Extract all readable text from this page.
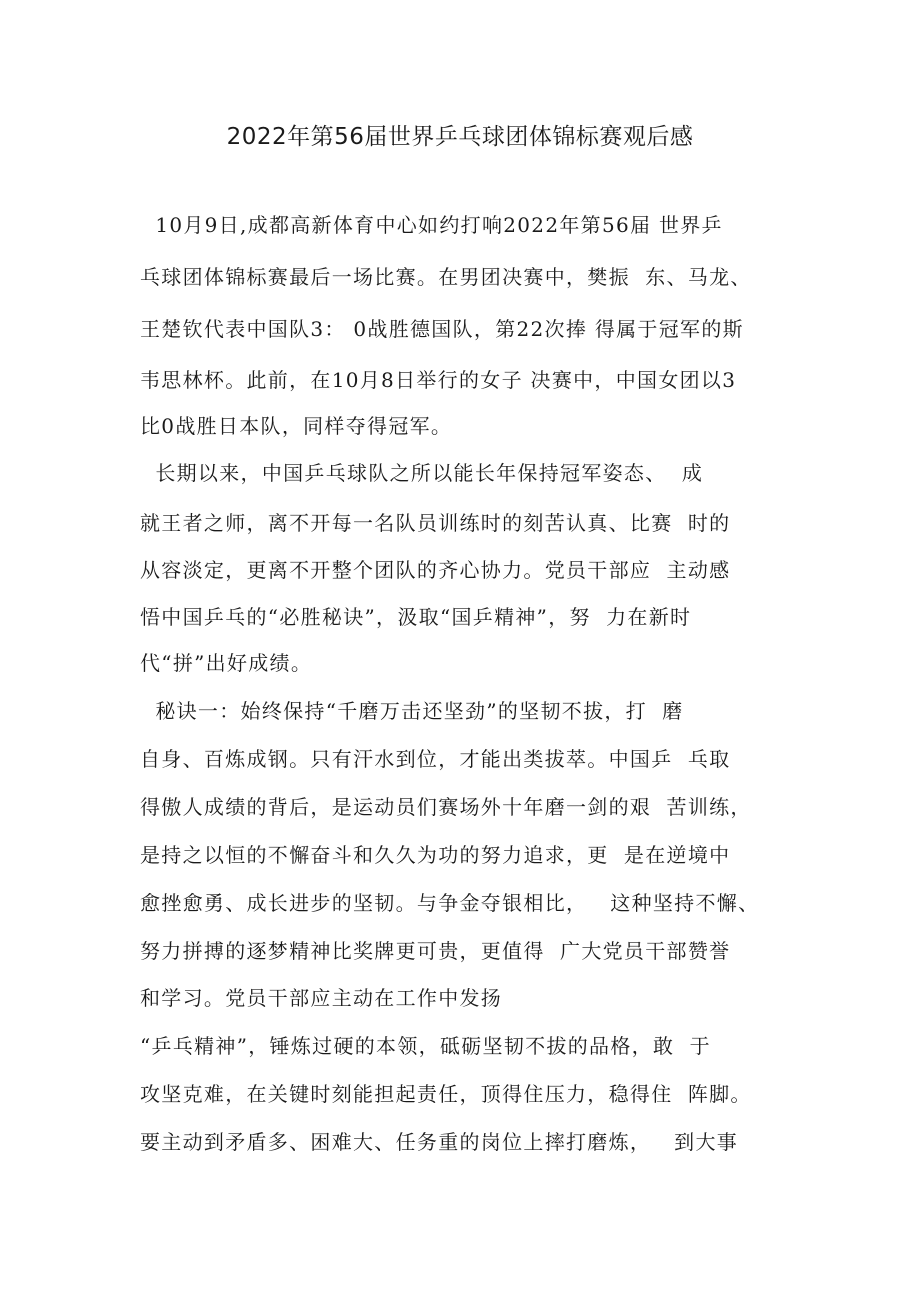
2022年第56届世界乒乓球团体锦标赛观后感
10月9日,成都高新体育中心如约打响2022年第56届 世界乒
乓球团体锦标赛最后一场比赛。在男团决赛中，樊振  东、马龙、
王楚钦代表中国队3： 0战胜德国队，第22次捧 得属于冠军的斯
韦思林杯。此前，在10月8日举行的女子 决赛中，中国女团以3
比0战胜日本队，同样夺得冠军。
长期以来，中国乒乓球队之所以能长年保持冠军姿态、  成
就王者之师，离不开每一名队员训练时的刻苦认真、比赛  时的
从容淡定，更离不开整个团队的齐心协力。党员干部应  主动感
悟中国乒乓的“必胜秘诀”，汲取“国乒精神”，努  力在新时
代“拼”出好成绩。
秘诀一：始终保持“千磨万击还坚劲”的坚韧不拔，打  磨
自身、百炼成钢。只有汗水到位，才能出类拔萃。中国乒  乓取
得傲人成绩的背后，是运动员们赛场外十年磨一剑的艰  苦训练，
是持之以恒的不懈奋斗和久久为功的努力追求，更  是在逆境中
愈挫愈勇、成长进步的坚韧。与争金夺银相比，   这种坚持不懈、
努力拼搏的逐梦精神比奖牌更可贵，更值得  广大党员干部赞誉
和学习。党员干部应主动在工作中发扬
“乒乓精神”，锤炼过硬的本领，砥砺坚韧不拔的品格，敢  于
攻坚克难，在关键时刻能担起责任，顶得住压力，稳得住  阵脚。
要主动到矛盾多、困难大、任务重的岗位上摔打磨炼，   到大事
